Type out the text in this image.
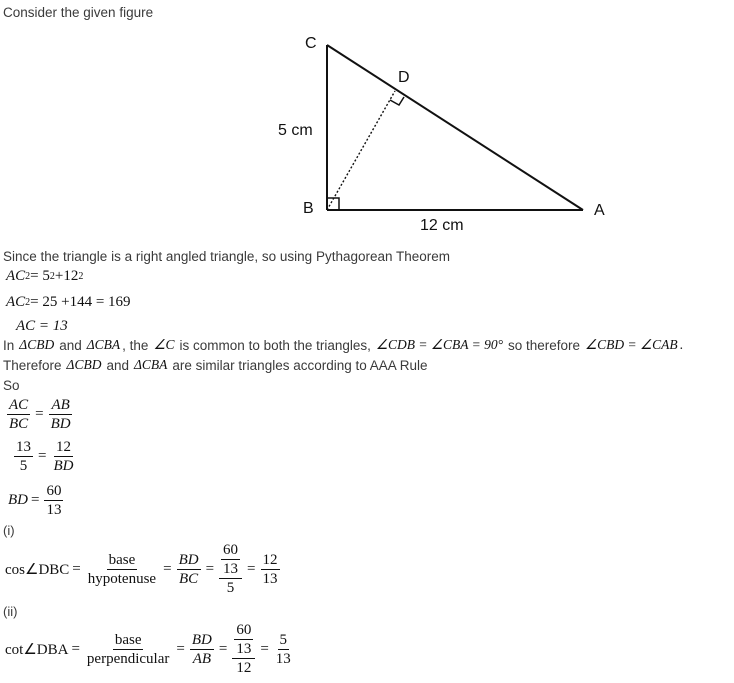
Consider the given figure
C
D
B	A
5 cm
12 cm
Since the triangle is a right angled triangle, so using Pythagorean Theorem
AC 2 = 5 2 +12 2
AC 2 = 25 +144 = 169
AC = 13
In ΔCBD and ΔCBA , the ∠C is common to both the triangles, ∠CDB = ∠CBA = 90° so therefore ∠CBD = ∠CAB .
Therefore ΔCBD and ΔCBA are similar triangles according to AAA Rule
So
$\frac{AC}{BC} = \frac{AB}{BD}$
$\frac{13}{5} = \frac{12}{BD}$
BD = $\frac{60}{13}$
(i)
cos∠DBC = $\frac{\text{base}}{\text{hypotenuse}} = \frac{BD}{BC} = \frac{\frac{60}{13}}{5} = \frac{12}{13}$
(ii)
cot∠DBA = $\frac{\text{base}}{\text{perpendicular}} = \frac{BD}{AB} = \frac{\frac{60}{13}}{12} = \frac{5}{13}$
